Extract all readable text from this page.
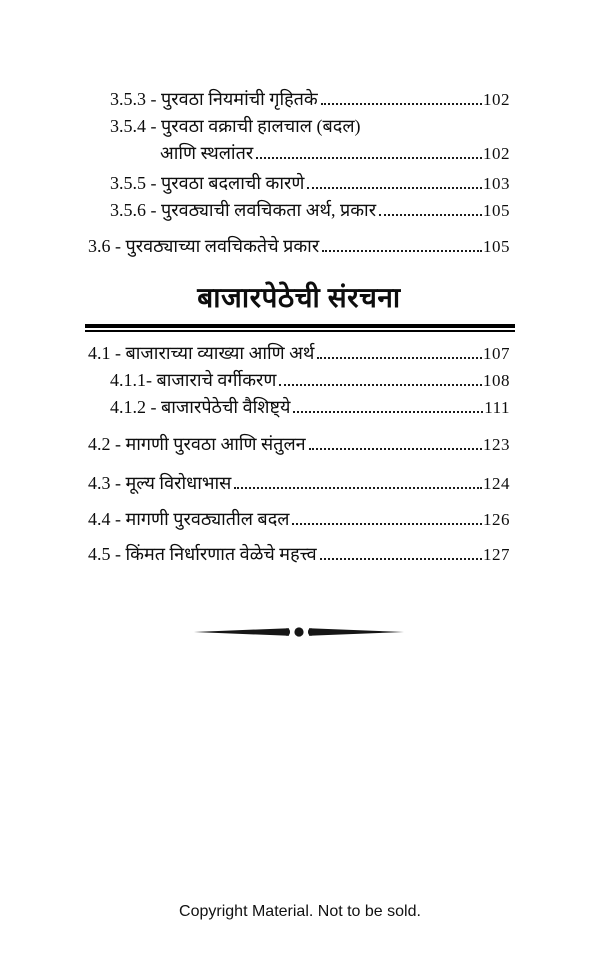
3.5.3 - पुरवठा नियमांची गृहितके	102
3.5.4 - पुरवठा वक्राची हालचाल (बदल)
आणि स्थलांतर	102
3.5.5 - पुरवठा बदलाची कारणे	103
3.5.6 - पुरवठ्याची लवचिकता अर्थ, प्रकार	105
3.6 - पुरवठ्याच्या लवचिकतेचे प्रकार	105
बाजारपेठेची संरचना
4.1 - बाजाराच्या व्याख्या आणि अर्थ	107
4.1.1- बाजाराचे वर्गीकरण	108
4.1.2 - बाजारपेठेची वैशिष्ट्ये	111
4.2 - मागणी पुरवठा आणि संतुलन	123
4.3 - मूल्य विरोधाभास	124
4.4 - मागणी पुरवठ्यातील बदल	126
4.5 - किंमत निर्धारणात वेळेचे महत्त्व	127
Copyright Material. Not to be sold.
